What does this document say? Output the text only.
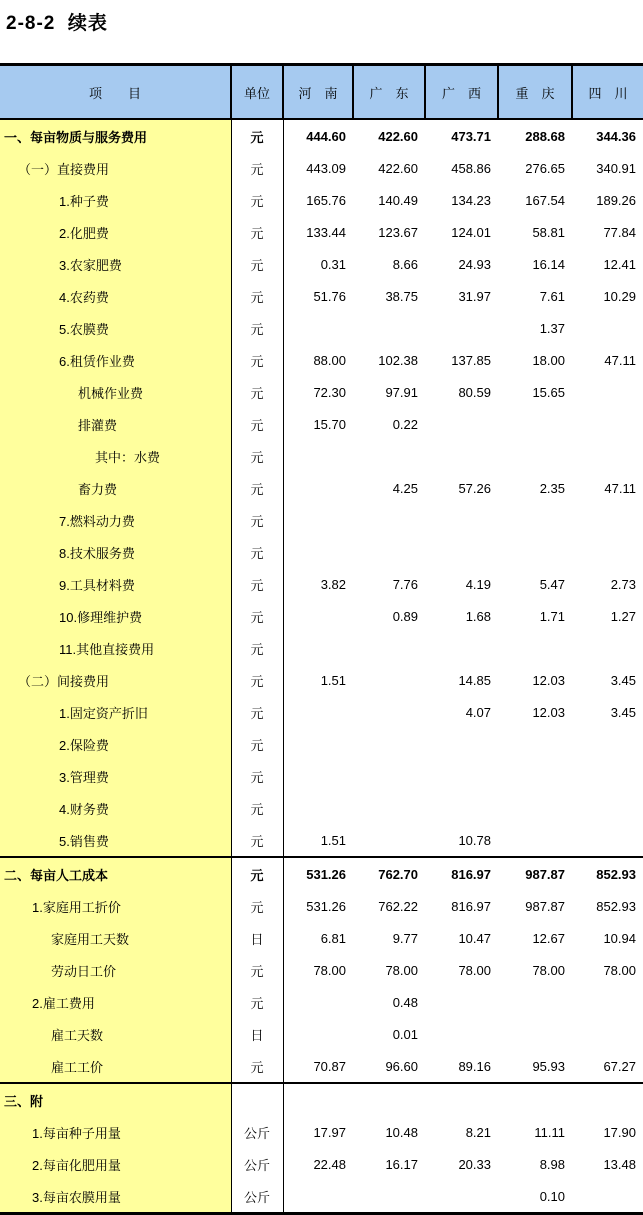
2-8-2  续表
项　　目	单位	河　南	广　东	广　西	重　庆	四　川
一、每亩物质与服务费用	元	444.60	422.60	473.71	288.68	344.36
（一）直接费用	元	443.09	422.60	458.86	276.65	340.91
1.种子费	元	165.76	140.49	134.23	167.54	189.26
2.化肥费	元	133.44	123.67	124.01	58.81	77.84
3.农家肥费	元	0.31	8.66	24.93	16.14	12.41
4.农药费	元	51.76	38.75	31.97	7.61	10.29
5.农膜费	元				1.37	
6.租赁作业费	元	88.00	102.38	137.85	18.00	47.11
机械作业费	元	72.30	97.91	80.59	15.65	
排灌费	元	15.70	0.22			
其中：水费	元					
畜力费	元		4.25	57.26	2.35	47.11
7.燃料动力费	元					
8.技术服务费	元					
9.工具材料费	元	3.82	7.76	4.19	5.47	2.73
10.修理维护费	元		0.89	1.68	1.71	1.27
11.其他直接费用	元					
（二）间接费用	元	1.51		14.85	12.03	3.45
1.固定资产折旧	元			4.07	12.03	3.45
2.保险费	元					
3.管理费	元					
4.财务费	元					
5.销售费	元	1.51		10.78		
二、每亩人工成本	元	531.26	762.70	816.97	987.87	852.93
1.家庭用工折价	元	531.26	762.22	816.97	987.87	852.93
家庭用工天数	日	6.81	9.77	10.47	12.67	10.94
劳动日工价	元	78.00	78.00	78.00	78.00	78.00
2.雇工费用	元		0.48			
雇工天数	日		0.01			
雇工工价	元	70.87	96.60	89.16	95.93	67.27
三、附						
1.每亩种子用量	公斤	17.97	10.48	8.21	11.11	17.90
2.每亩化肥用量	公斤	22.48	16.17	20.33	8.98	13.48
3.每亩农膜用量	公斤				0.10	
